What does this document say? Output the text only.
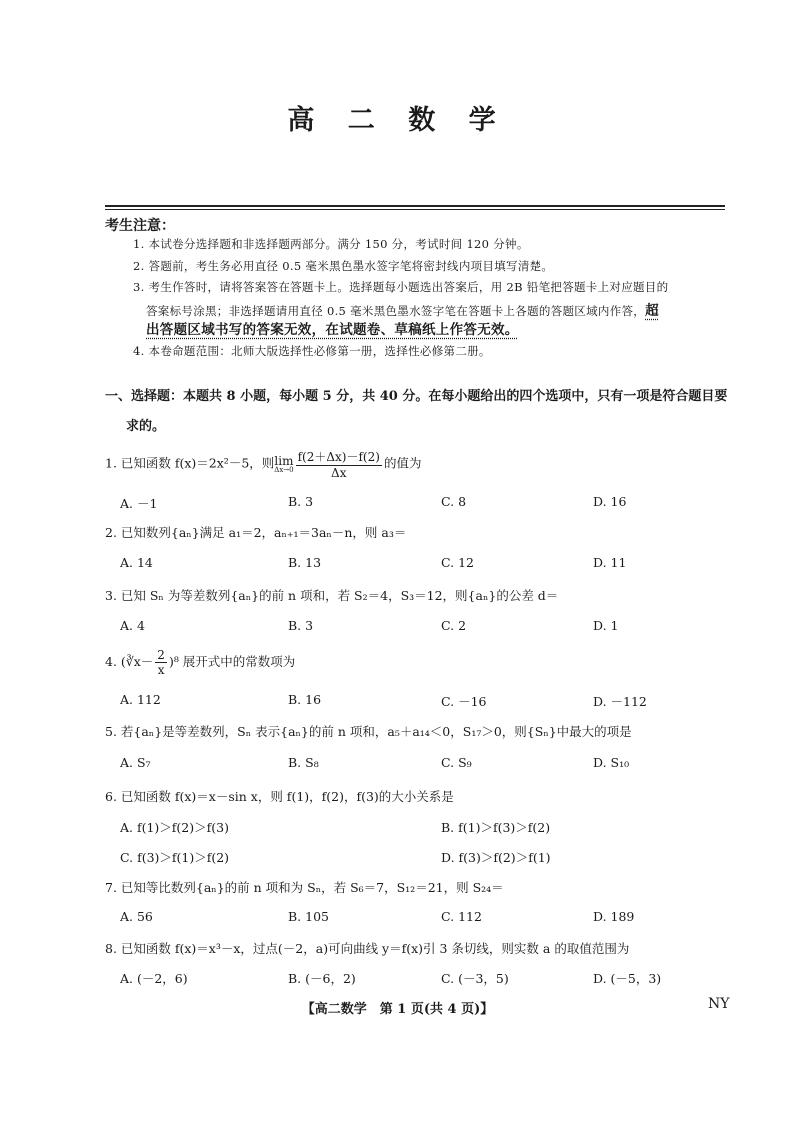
高 二 数 学
考生注意：
1. 本试卷分选择题和非选择题两部分。满分 150 分，考试时间 120 分钟。
2. 答题前，考生务必用直径 0.5 毫米黑色墨水签字笔将密封线内项目填写清楚。
3. 考生作答时，请将答案答在答题卡上。选择题每小题选出答案后，用 2B 铅笔把答题卡上对应题目的
答案标号涂黑；非选择题请用直径 0.5 毫米黑色墨水签字笔在答题卡上各题的答题区域内作答，超
出答题区域书写的答案无效，在试题卷、草稿纸上作答无效。
4. 本卷命题范围：北师大版选择性必修第一册，选择性必修第二册。
一、选择题：本题共 8 小题，每小题 5 分，共 40 分。在每小题给出的四个选项中，只有一项是符合题目要
求的。
1. 已知函数 f(x)＝2x²－5，则lim
$\Delta x\to 0 \frac{f(2+\Delta x)-f(2)}{\Delta x}$ 的值为
A. －1	B. 3	C. 8	D. 16
2. 已知数列{aₙ}满足 a₁＝2，aₙ₊₁＝3aₙ－n，则 a₃＝
A. 14	B. 13	C. 12	D. 11
3. 已知 Sₙ 为等差数列{aₙ}的前 n 项和，若 S₂＝4，S₃＝12，则{aₙ}的公差 d＝
A. 4	B. 3	C. 2	D. 1
4. (∛x－ $\frac{2}{x} )^8$ 展开式中的常数项为
A. 112	B. 16	C. －16	D. －112
5. 若{aₙ}是等差数列，Sₙ 表示{aₙ}的前 n 项和，a₅＋a₁₄＜0，S₁₇＞0，则{Sₙ}中最大的项是
A. S₇	B. S₈	C. S₉	D. S₁₀
6. 已知函数 f(x)＝x－sin x，则 f(1)，f(2)，f(3)的大小关系是
A. f(1)＞f(2)＞f(3)	B. f(1)＞f(3)＞f(2)
C. f(3)＞f(1)＞f(2)	D. f(3)＞f(2)＞f(1)
7. 已知等比数列{aₙ}的前 n 项和为 Sₙ，若 S₆＝7，S₁₂＝21，则 S₂₄＝
A. 56	B. 105	C. 112	D. 189
8. 已知函数 f(x)＝x³－x，过点(－2，a)可向曲线 y＝f(x)引 3 条切线，则实数 a 的取值范围为
A. (－2，6)	B. (－6，2)	C. (－3，5)	D. (－5，3)
【高二数学　第 1 页(共 4 页)】	NY
